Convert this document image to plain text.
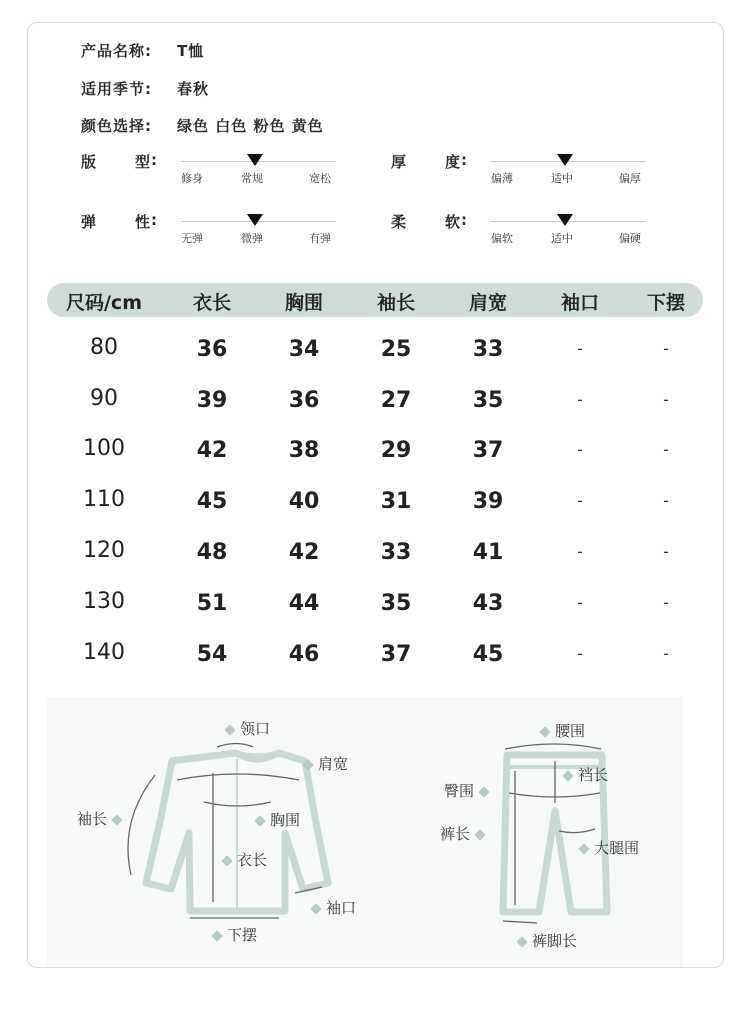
产品名称: T恤
适用季节: 春秋
颜色选择: 绿色 白色 粉色 黄色
版	型 :
修身	常规	宽松
厚	度 :
偏薄	适中	偏厚
弹	性 :
无弹	微弹	有弹
柔	软 :
偏软	适中	偏硬
尺码/cm	衣长	胸围	袖长	肩宽	袖口	下摆
80	36	34	25	33	-	-
90	39	36	27	35	-	-
100	42	38	29	37	-	-
110	45	40	31	39	-	-
120	48	42	33	41	-	-
130	51	44	35	43	-	-
140	54	46	37	45	-	-
领口
肩宽
袖长	胸围
衣长
袖口
下摆
腰围
裆长
臀围
裤长
大腿围
裤脚长
